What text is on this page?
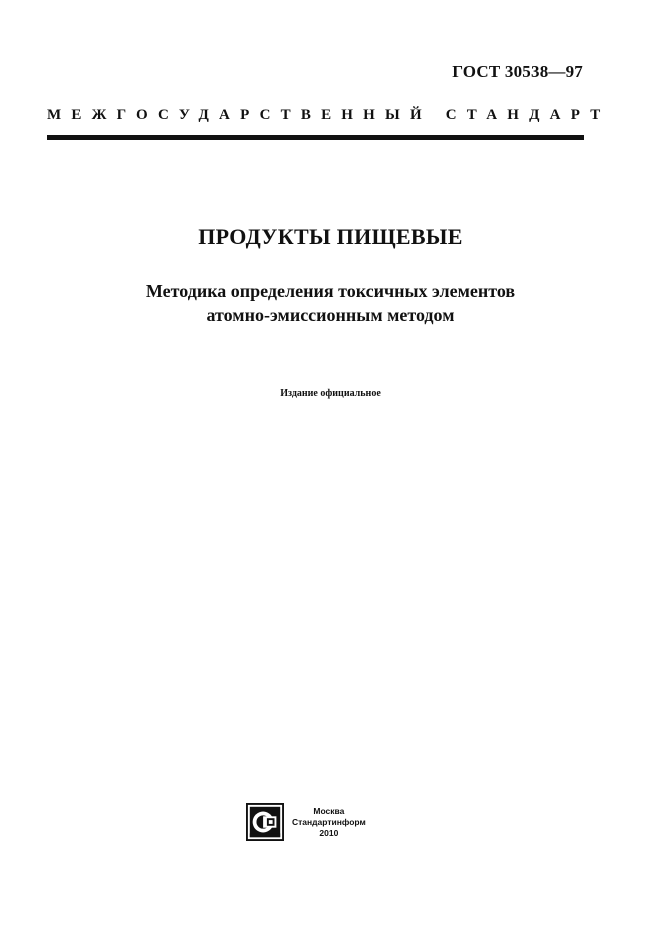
ГОСТ 30538—97
МЕЖГОСУДАРСТВЕННЫЙ СТАНДАРТ
ПРОДУКТЫ ПИЩЕВЫЕ
Методика определения токсичных элементов
атомно-эмиссионным методом
Издание официальное
Москва
Стандартинформ
2010
